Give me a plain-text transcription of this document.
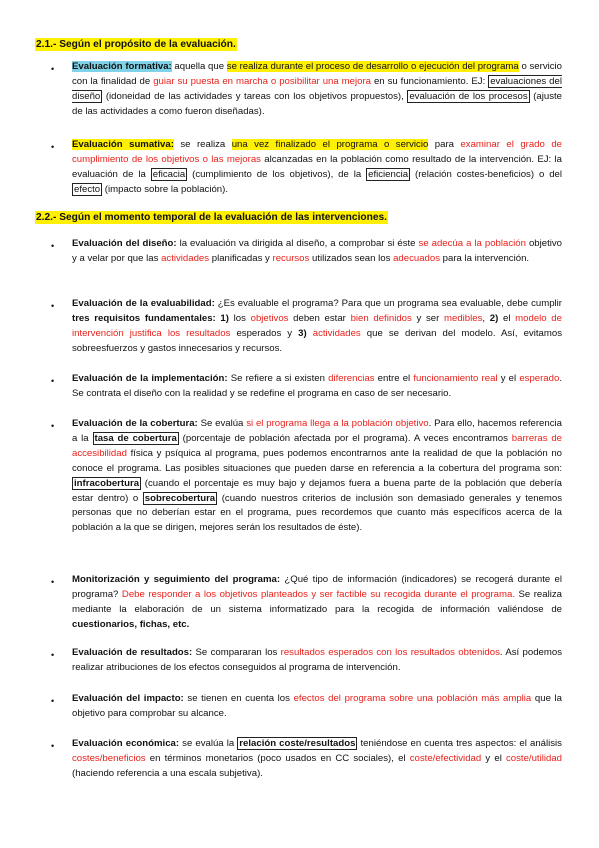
2.1.- Según el propósito de la evaluación.
• Evaluación formativa: aquella que se realiza durante el proceso de desarrollo o ejecución del programa o servicio con la finalidad de guiar su puesta en marcha o posibilitar una mejora en su funcionamiento. EJ: evaluaciones del diseño (idoneidad de las actividades y tareas con los objetivos propuestos), evaluación de los procesos (ajuste de las actividades a como fueron diseñadas).
• Evaluación sumativa: se realiza una vez finalizado el programa o servicio para examinar el grado de cumplimiento de los objetivos o las mejoras alcanzadas en la población como resultado de la intervención. EJ: la evaluación de la eficacia (cumplimiento de los objetivos), de la eficiencia (relación costes-beneficios) o del efecto (impacto sobre la población).
2.2.- Según el momento temporal de la evaluación de las intervenciones.
• Evaluación del diseño: la evaluación va dirigida al diseño, a comprobar si éste se adecúa a la población objetivo y a velar por que las actividades planificadas y recursos utilizados sean los adecuados para la intervención.
• Evaluación de la evaluabilidad: ¿Es evaluable el programa? Para que un programa sea evaluable, debe cumplir tres requisitos fundamentales: 1) los objetivos deben estar bien definidos y ser medibles, 2) el modelo de intervención justifica los resultados esperados y 3) actividades que se derivan del modelo. Así, evitamos sobreesfuerzos y gastos innecesarios y recursos.
• Evaluación de la implementación: Se refiere a si existen diferencias entre el funcionamiento real y el esperado. Se contrata el diseño con la realidad y se redefine el programa en caso de ser necesario.
• Evaluación de la cobertura: Se evalúa si el programa llega a la población objetivo. Para ello, hacemos referencia a la tasa de cobertura (porcentaje de población afectada por el programa). A veces encontramos barreras de accesibilidad física y psíquica al programa, pues podemos encontrarnos ante la realidad de que la población no conoce el programa. Las posibles situaciones que pueden darse en referencia a la cobertura del programa son: infracobertura (cuando el porcentaje es muy bajo y dejamos fuera a buena parte de la población que debería estar dentro) o sobrecobertura (cuando nuestros criterios de inclusión son demasiado generales y tenemos personas que no deberían estar en el programa, pues recordemos que cuanto más específicos acerca de la población a la que se dirigen, mejores serán los resultados de éste).
• Monitorización y seguimiento del programa: ¿Qué tipo de información (indicadores) se recogerá durante el programa? Debe responder a los objetivos planteados y ser factible su recogida durante el programa. Se realiza mediante la elaboración de un sistema informatizado para la recogida de información valiéndose de cuestionarios, fichas, etc.
• Evaluación de resultados: Se compararan los resultados esperados con los resultados obtenidos. Así podemos realizar atribuciones de los efectos conseguidos al programa de intervención.
• Evaluación del impacto: se tienen en cuenta los efectos del programa sobre una población más amplia que la objetivo para comprobar su alcance.
• Evaluación económica: se evalúa la relación coste/resultados teniéndose en cuenta tres aspectos: el análisis costes/beneficios en términos monetarios (poco usados en CC sociales), el coste/efectividad y el coste/utilidad (haciendo referencia a una escala subjetiva).
